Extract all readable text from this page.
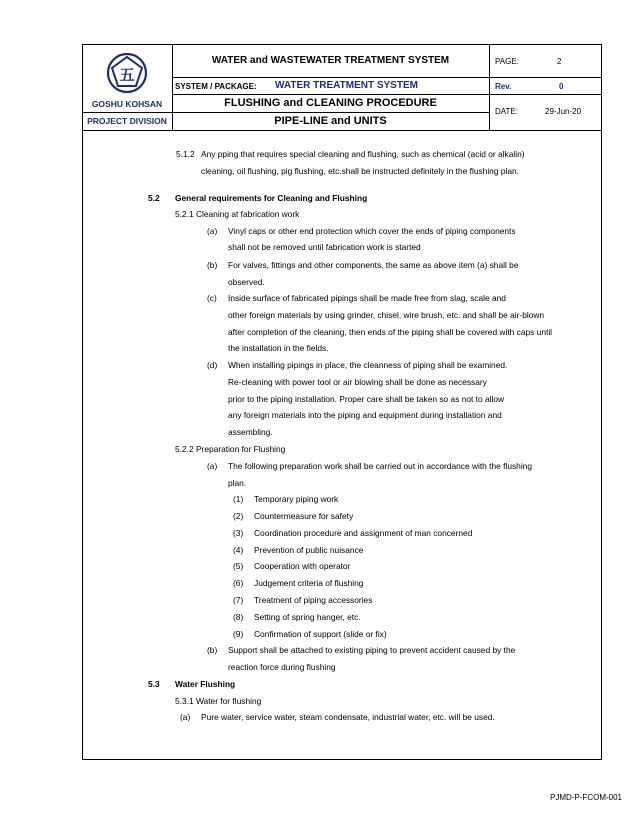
五
GOSHU KOHSAN
PROJECT DIVISION
WATER and WASTEWATER TREATMENT SYSTEM
SYSTEM / PACKAGE: WATER TREATMENT SYSTEM
FLUSHING and CLEANING PROCEDURE
PIPE-LINE and UNITS
PAGE:	2
Rev.	0
DATE:	29-Jun-20
5.1.2 Any pping that requires special cleaning and flushing, such as chemical (acid or alkalin)
cleaning, oil flushing, pig flushing, etc.shall be instructed definitely in the flushing plan.
5.2 General requirements for Cleaning and Flushing
5.2.1 Cleaning at fabrication work
(a) Vinyl caps or other end protection which cover the ends of piping components
shall not be removed until fabrication work is started
(b) For valves, fittings and other components, the same as above item (a) shall be
observed.
(c) Inside surface of fabricated pipings shall be made free from slag, scale and
other foreign materials by using grinder, chisel, wire brush, etc. and shall be air-blown
after completion of the cleaning, then ends of the piping shall be covered with caps until
the installation in the fields.
(d) When installing pipings in place, the cleanness of piping shall be examined.
Re-cleaning with power tool or air blowing shall be done as necessary
prior to the piping installation. Proper care shall be taken so as not to allow
any foreign materials into the piping and equipment during installation and
assembling.
5.2.2 Preparation for Flushing
(a) The following preparation work shall be carried out in accordance with the flushing
plan.
(1) Temporary piping work
(2) Countermeasure for safety
(3) Coordination procedure and assignment of man concerned
(4) Prevention of public nuisance
(5) Cooperation with operator
(6) Judgement criteria of flushing
(7) Treatment of piping accessories
(8) Setting of spring hanger, etc.
(9) Confirmation of support (slide or fix)
(b) Support shall be attached to existing piping to prevent accident caused by the
reaction force during flushing
5.3 Water Flushing
5.3.1 Water for flushing
(a) Pure water, service water, steam condensate, industrial water, etc. will be used.
PJMD-P-FCOM-001
